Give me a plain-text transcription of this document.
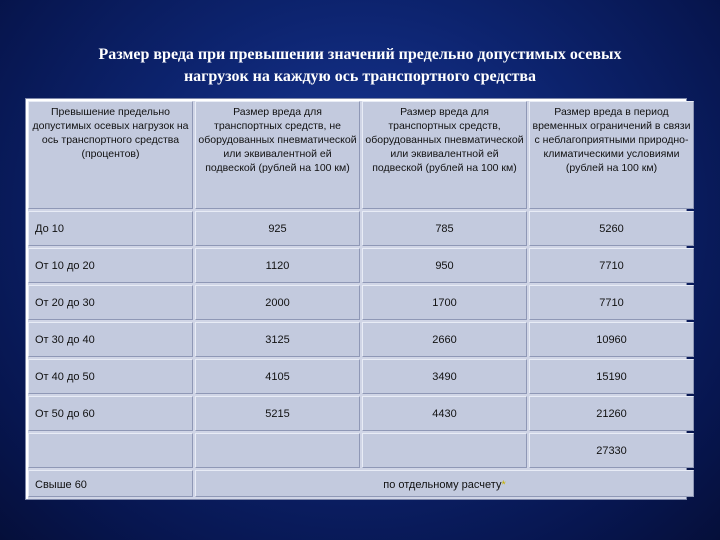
Размер вреда при превышении значений предельно допустимых осевых
нагрузок на каждую ось транспортного средства
Превышение предельно допустимых осевых нагрузок на ось транспортного средства (процентов)	Размер вреда для транспортных средств, не оборудованных пневматической или эквивалентной ей подвеской (рублей на 100 км)	Размер вреда для транспортных средств, оборудованных пневматической или эквивалентной ей подвеской (рублей на 100 км)	Размер вреда в период временных ограничений в связи с неблагоприятными природно-климатическими условиями (рублей на 100 км)
До 10	925	785	5260
От 10 до 20	1120	950	7710
От 20 до 30	2000	1700	7710
От 30 до 40	3125	2660	10960
От 40 до 50	4105	3490	15190
От 50 до 60	5215	4430	21260
			27330
Свыше 60	по отдельному расчету*		
